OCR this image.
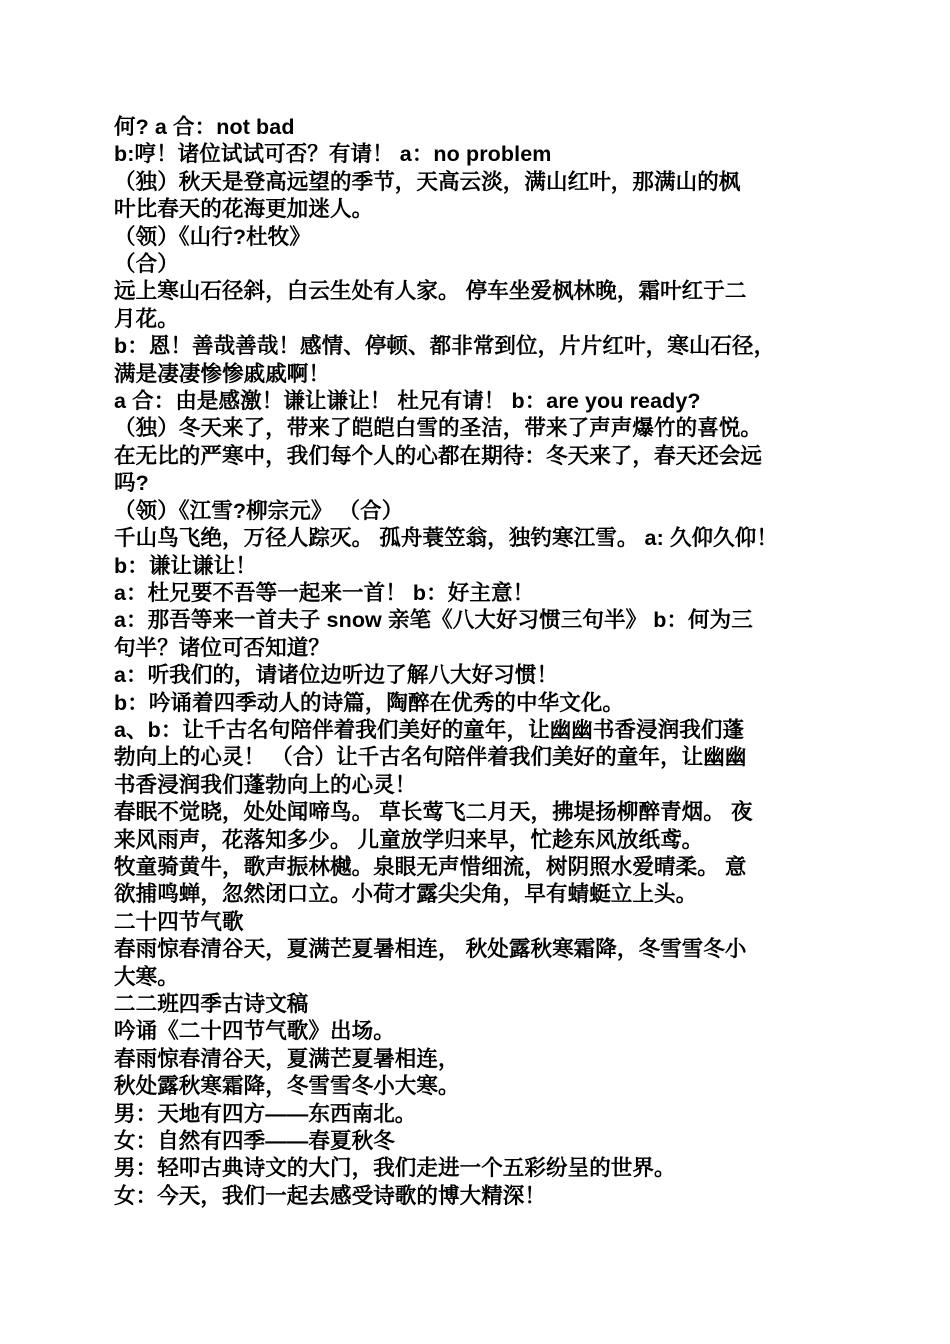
何? a 合：not bad
b:哼！诸位试试可否？有请！ a：no problem
（独）秋天是登高远望的季节，天高云淡，满山红叶，那满山的枫
叶比春天的花海更加迷人。
（领）《山行?杜牧》
（合）
远上寒山石径斜，白云生处有人家。 停车坐爱枫林晚，霜叶红于二
月花。
b：恩！善哉善哉！感情、停顿、都非常到位，片片红叶，寒山石径，
满是凄凄惨惨戚戚啊！
a 合：由是感激！谦让谦让！ 杜兄有请！ b：are you ready?
（独）冬天来了，带来了皑皑白雪的圣洁，带来了声声爆竹的喜悦。
在无比的严寒中，我们每个人的心都在期待：冬天来了，春天还会远
吗?
（领）《江雪?柳宗元》 （合）
千山鸟飞绝，万径人踪灭。 孤舟蓑笠翁，独钓寒江雪。 a: 久仰久仰！
b：谦让谦让！
a：杜兄要不吾等一起来一首！ b：好主意！
a：那吾等来一首夫子 snow 亲笔《八大好习惯三句半》 b：何为三
句半？诸位可否知道？
a：听我们的，请诸位边听边了解八大好习惯！
b：吟诵着四季动人的诗篇，陶醉在优秀的中华文化。
a、b：让千古名句陪伴着我们美好的童年，让幽幽书香浸润我们蓬
勃向上的心灵！ （合）让千古名句陪伴着我们美好的童年，让幽幽
书香浸润我们蓬勃向上的心灵！
春眠不觉晓，处处闻啼鸟。 草长莺飞二月天，拂堤扬柳醉青烟。 夜
来风雨声，花落知多少。 儿童放学归来早，忙趁东风放纸鸢。
牧童骑黄牛，歌声振林樾。泉眼无声惜细流，树阴照水爱晴柔。 意
欲捕鸣蝉，忽然闭口立。小荷才露尖尖角，早有蜻蜓立上头。
二十四节气歌
春雨惊春清谷天，夏满芒夏暑相连， 秋处露秋寒霜降，冬雪雪冬小
大寒。
二二班四季古诗文稿
吟诵《二十四节气歌》出场。
春雨惊春清谷天，夏满芒夏暑相连，
秋处露秋寒霜降，冬雪雪冬小大寒。
男：天地有四方——东西南北。
女：自然有四季——春夏秋冬
男：轻叩古典诗文的大门，我们走进一个五彩纷呈的世界。
女：今天，我们一起去感受诗歌的博大精深！
